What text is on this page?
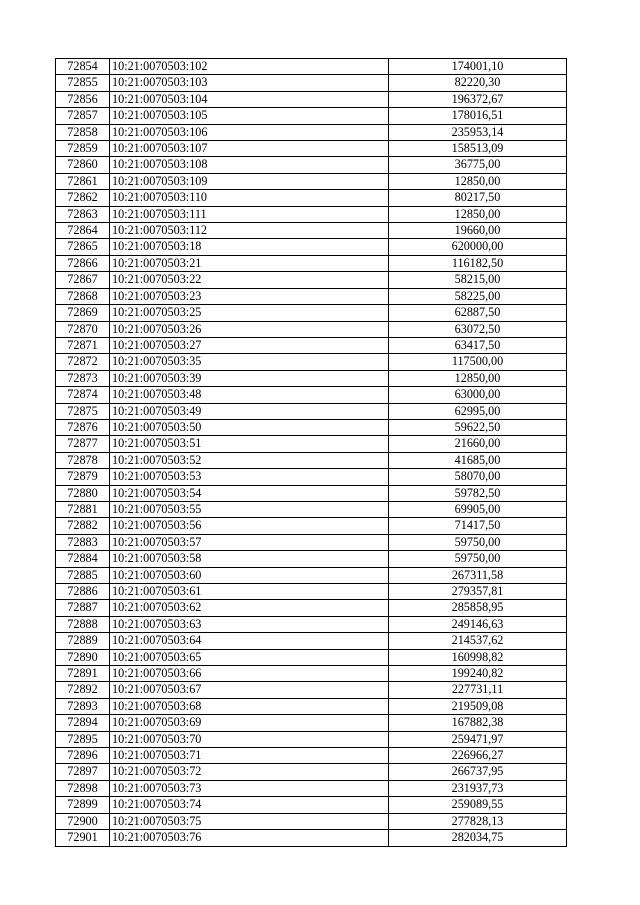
72854	10:21:0070503:102	174001,10
72855	10:21:0070503:103	82220,30
72856	10:21:0070503:104	196372,67
72857	10:21:0070503:105	178016,51
72858	10:21:0070503:106	235953,14
72859	10:21:0070503:107	158513,09
72860	10:21:0070503:108	36775,00
72861	10:21:0070503:109	12850,00
72862	10:21:0070503:110	80217,50
72863	10:21:0070503:111	12850,00
72864	10:21:0070503:112	19660,00
72865	10:21:0070503:18	620000,00
72866	10:21:0070503:21	116182,50
72867	10:21:0070503:22	58215,00
72868	10:21:0070503:23	58225,00
72869	10:21:0070503:25	62887,50
72870	10:21:0070503:26	63072,50
72871	10:21:0070503:27	63417,50
72872	10:21:0070503:35	117500,00
72873	10:21:0070503:39	12850,00
72874	10:21:0070503:48	63000,00
72875	10:21:0070503:49	62995,00
72876	10:21:0070503:50	59622,50
72877	10:21:0070503:51	21660,00
72878	10:21:0070503:52	41685,00
72879	10:21:0070503:53	58070,00
72880	10:21:0070503:54	59782,50
72881	10:21:0070503:55	69905,00
72882	10:21:0070503:56	71417,50
72883	10:21:0070503:57	59750,00
72884	10:21:0070503:58	59750,00
72885	10:21:0070503:60	267311,58
72886	10:21:0070503:61	279357,81
72887	10:21:0070503:62	285858,95
72888	10:21:0070503:63	249146,63
72889	10:21:0070503:64	214537,62
72890	10:21:0070503:65	160998,82
72891	10:21:0070503:66	199240,82
72892	10:21:0070503:67	227731,11
72893	10:21:0070503:68	219509,08
72894	10:21:0070503:69	167882,38
72895	10:21:0070503:70	259471,97
72896	10:21:0070503:71	226966,27
72897	10:21:0070503:72	266737,95
72898	10:21:0070503:73	231937,73
72899	10:21:0070503:74	259089,55
72900	10:21:0070503:75	277828,13
72901	10:21:0070503:76	282034,75
